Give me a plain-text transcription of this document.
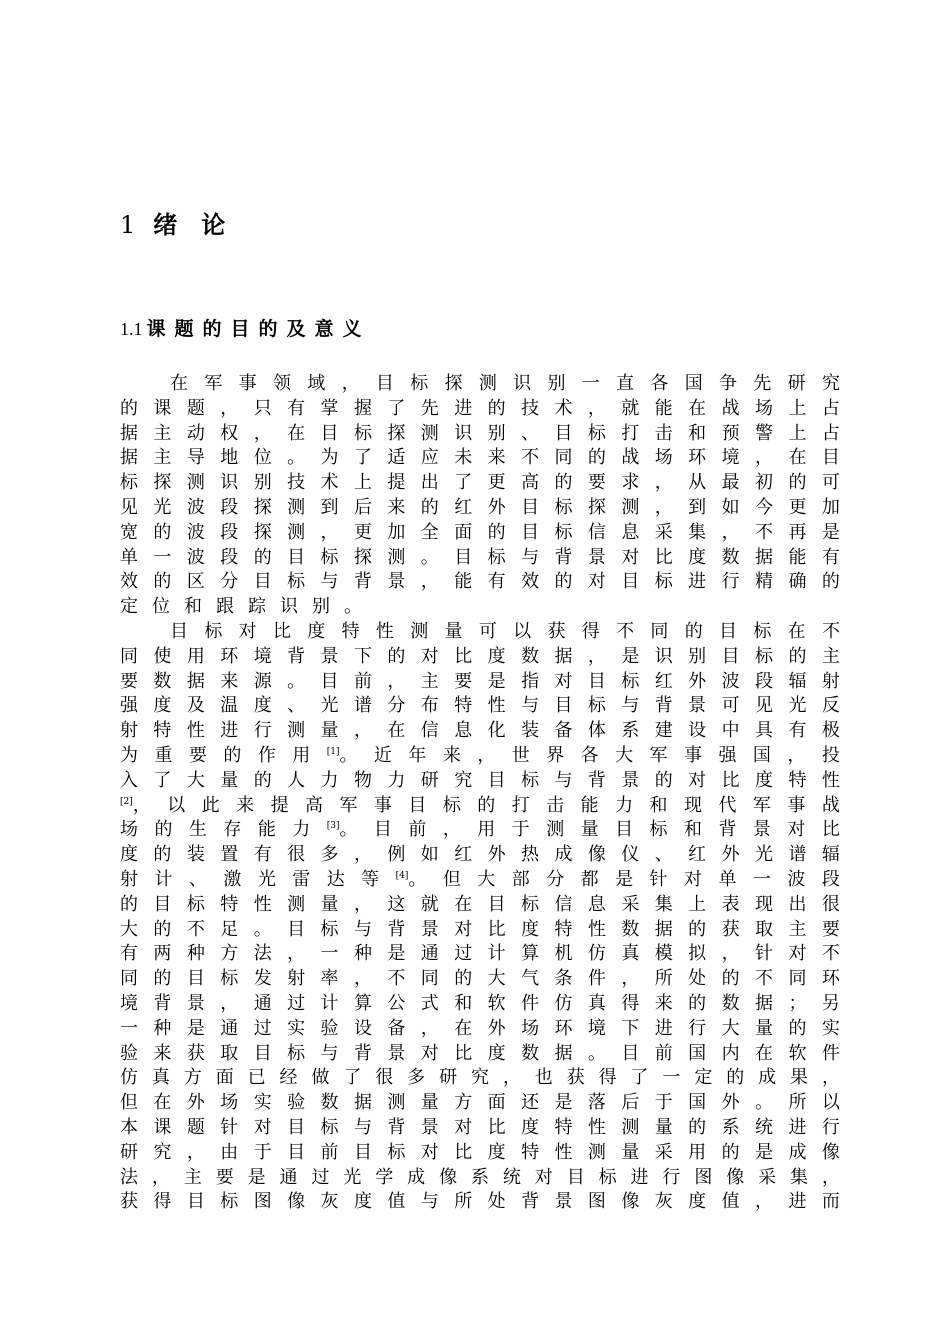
1 绪　论
1.1 课题的目的及意义
在 军 事 领 域 ， 目 标 探 测 识 别 一 直 各 国 争 先 研 究
的 课 题 ， 只 有 掌 握 了 先 进 的 技 术 ， 就 能 在 战 场 上 占
据 主 动 权 ， 在 目 标 探 测 识 别 、 目 标 打 击 和 预 警 上 占
据 主 导 地 位 。 为 了 适 应 未 来 不 同 的 战 场 环 境 ， 在 目
标 探 测 识 别 技 术 上 提 出 了 更 高 的 要 求 ， 从 最 初 的 可
见 光 波 段 探 测 到 后 来 的 红 外 目 标 探 测 ， 到 如 今 更 加
宽 的 波 段 探 测 ， 更 加 全 面 的 目 标 信 息 采 集 ， 不 再 是
单 一 波 段 的 目 标 探 测 。 目 标 与 背 景 对 比 度 数 据 能 有
效 的 区 分 目 标 与 背 景 ， 能 有 效 的 对 目 标 进 行 精 确 的
定 位 和 跟 踪 识 别 。
目 标 对 比 度 特 性 测 量 可 以 获 得 不 同 的 目 标 在 不
同 使 用 环 境 背 景 下 的 对 比 度 数 据 ， 是 识 别 目 标 的 主
要 数 据 来 源 。 目 前 ， 主 要 是 指 对 目 标 红 外 波 段 辐 射
强 度 及 温 度 、 光 谱 分 布 特 性 与 目 标 与 背 景 可 见 光 反
射 特 性 进 行 测 量 ， 在 信 息 化 装 备 体 系 建 设 中 具 有 极
为 重 要 的 作 用 [1]。 近 年 来 ， 世 界 各 大 军 事 强 国 ， 投
入 了 大 量 的 人 力 物 力 研 究 目 标 与 背 景 的 对 比 度 特 性
[2]， 以 此 来 提 高 军 事 目 标 的 打 击 能 力 和 现 代 军 事 战
场 的 生 存 能 力 [3]。 目 前 ， 用 于 测 量 目 标 和 背 景 对 比
度 的 装 置 有 很 多 ， 例 如 红 外 热 成 像 仪 、 红 外 光 谱 辐
射 计 、 激 光 雷 达 等 [4]。 但 大 部 分 都 是 针 对 单 一 波 段
的 目 标 特 性 测 量 ， 这 就 在 目 标 信 息 采 集 上 表 现 出 很
大 的 不 足 。 目 标 与 背 景 对 比 度 特 性 数 据 的 获 取 主 要
有 两 种 方 法 ， 一 种 是 通 过 计 算 机 仿 真 模 拟 ， 针 对 不
同 的 目 标 发 射 率 ， 不 同 的 大 气 条 件 ， 所 处 的 不 同 环
境 背 景 ， 通 过 计 算 公 式 和 软 件 仿 真 得 来 的 数 据 ； 另
一 种 是 通 过 实 验 设 备 ， 在 外 场 环 境 下 进 行 大 量 的 实
验 来 获 取 目 标 与 背 景 对 比 度 数 据 。 目 前 国 内 在 软 件
仿 真 方 面 已 经 做 了 很 多 研 究 ， 也 获 得 了 一 定 的 成 果 ，
但 在 外 场 实 验 数 据 测 量 方 面 还 是 落 后 于 国 外 。 所 以
本 课 题 针 对 目 标 与 背 景 对 比 度 特 性 测 量 的 系 统 进 行
研 究 ， 由 于 目 前 目 标 对 比 度 特 性 测 量 采 用 的 是 成 像
法 ， 主 要 是 通 过 光 学 成 像 系 统 对 目 标 进 行 图 像 采 集 ，
获 得 目 标 图 像 灰 度 值 与 所 处 背 景 图 像 灰 度 值 ， 进 而
